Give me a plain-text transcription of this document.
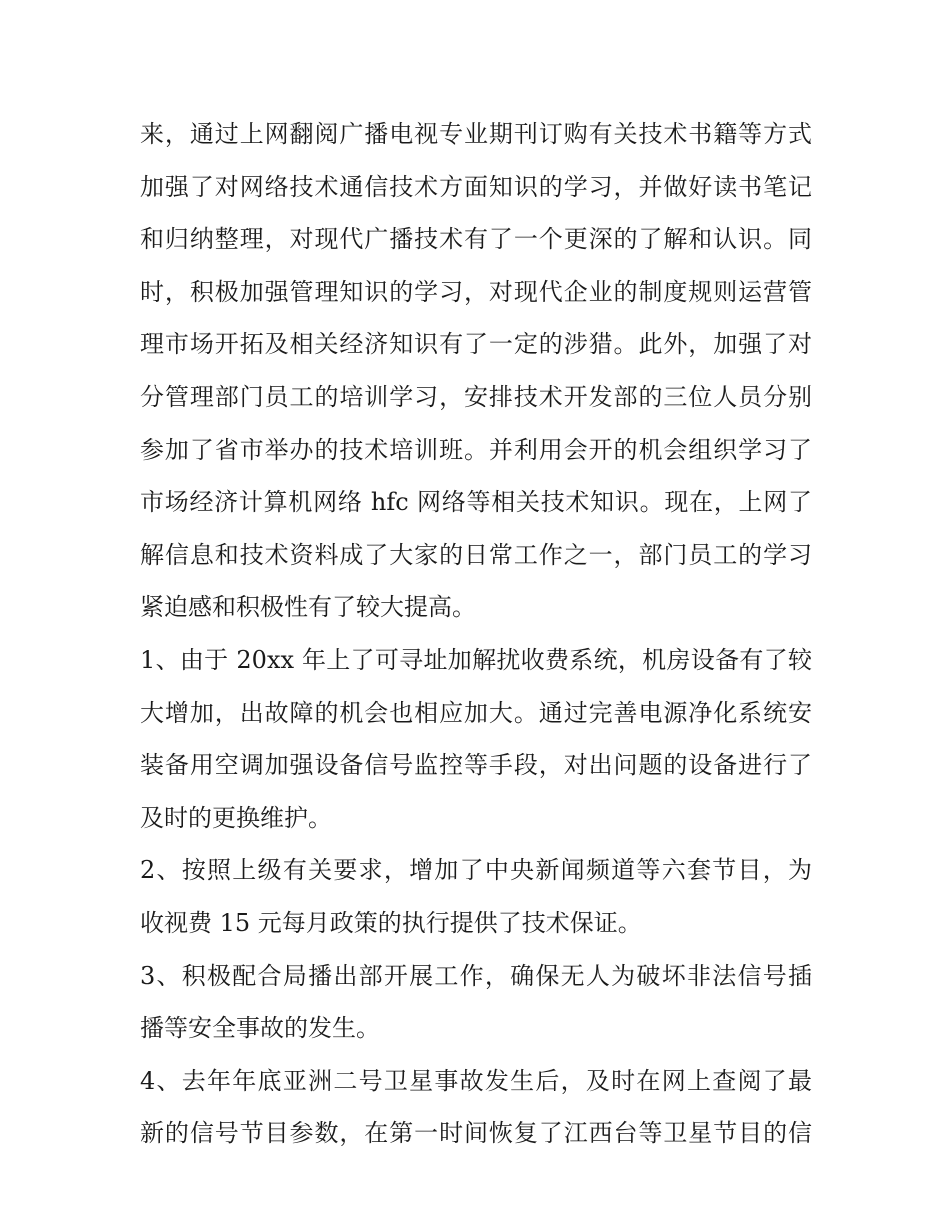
来，通过上网翻阅广播电视专业期刊订购有关技术书籍等方式
加强了对网络技术通信技术方面知识的学习，并做好读书笔记
和归纳整理，对现代广播技术有了一个更深的了解和认识。同
时，积极加强管理知识的学习，对现代企业的制度规则运营管
理市场开拓及相关经济知识有了一定的涉猎。此外，加强了对
分管理部门员工的培训学习，安排技术开发部的三位人员分别
参加了省市举办的技术培训班。并利用会开的机会组织学习了
市场经济计算机网络 hfc 网络等相关技术知识。现在，上网了
解信息和技术资料成了大家的日常工作之一，部门员工的学习
紧迫感和积极性有了较大提高。
1、由于 20xx 年上了可寻址加解扰收费系统，机房设备有了较
大增加，出故障的机会也相应加大。通过完善电源净化系统安
装备用空调加强设备信号监控等手段，对出问题的设备进行了
及时的更换维护。
2、按照上级有关要求，增加了中央新闻频道等六套节目，为
收视费 15 元每月政策的执行提供了技术保证。
3、积极配合局播出部开展工作，确保无人为破坏非法信号插
播等安全事故的发生。
4、去年年底亚洲二号卫星事故发生后，及时在网上查阅了最
新的信号节目参数，在第一时间恢复了江西台等卫星节目的信
